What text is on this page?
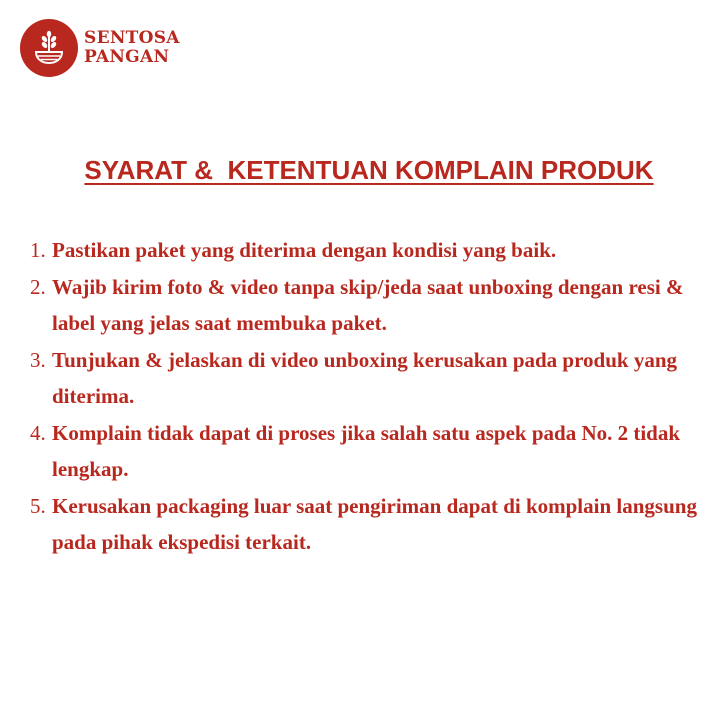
SENTOSA
PANGAN
SYARAT &  KETENTUAN KOMPLAIN PRODUK
1. Pastikan paket yang diterima dengan kondisi yang baik.
2. Wajib kirim foto & video tanpa skip/jeda saat unboxing dengan resi & label yang jelas saat membuka paket.
3. Tunjukan & jelaskan di video unboxing kerusakan pada produk yang diterima.
4. Komplain tidak dapat di proses jika salah satu aspek pada No. 2 tidak lengkap.
5. Kerusakan packaging luar saat pengiriman dapat di komplain langsung pada pihak ekspedisi terkait.
